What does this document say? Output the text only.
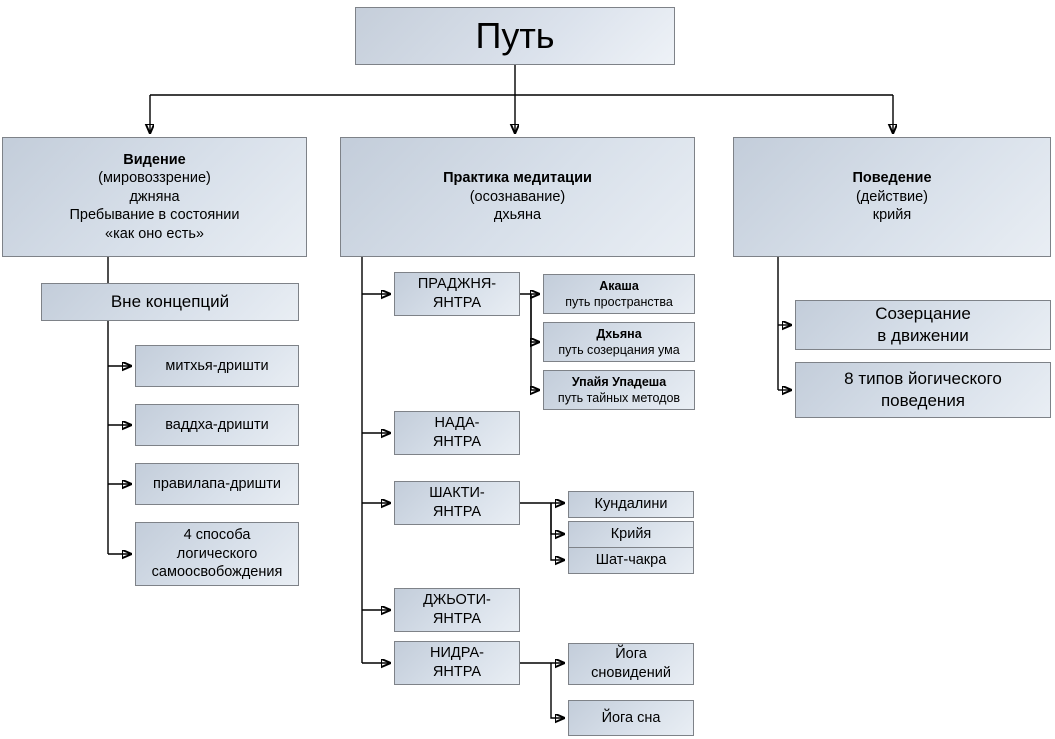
Путь
Видение
(мировоззрение)
джняна
Пребывание в состоянии
«как оно есть»
Практика медитации
(осознавание)
дхьяна
Поведение
(действие)
крийя
Вне концепций
митхья-дришти
ваддха-дришти
правилапа-дришти
4 способа
логического
самоосвобождения
ПРАДЖНЯ-
ЯНТРА
НАДА-
ЯНТРА
ШАКТИ-
ЯНТРА
ДЖЬОТИ-
ЯНТРА
НИДРА-
ЯНТРА
Акаша
путь пространства
Дхьяна
путь созерцания ума
Упайя Упадеша
путь тайных методов
Кундалини
Крийя
Шат-чакра
Йога
сновидений
Йога сна
Созерцание
в движении
8 типов йогического
поведения
